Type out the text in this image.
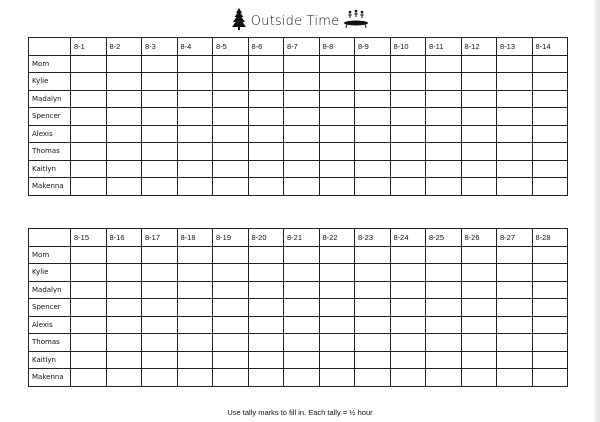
Outside Time
	8-1	8-2	8-3	8-4	8-5	8-6	8-7	8-8	8-9	8-10	8-11	8-12	8-13	8-14
Mom														
Kylie														
Madalyn														
Spencer														
Alexis														
Thomas														
Kaitlyn														
Makenna														
	8-15	8-16	8-17	8-18	8-19	8-20	8-21	8-22	8-23	8-24	8-25	8-26	8-27	8-28
Mom														
Kylie														
Madalyn														
Spencer														
Alexis														
Thomas														
Kaitlyn														
Makenna														
Use tally marks to fill in. Each tally = ½ hour
